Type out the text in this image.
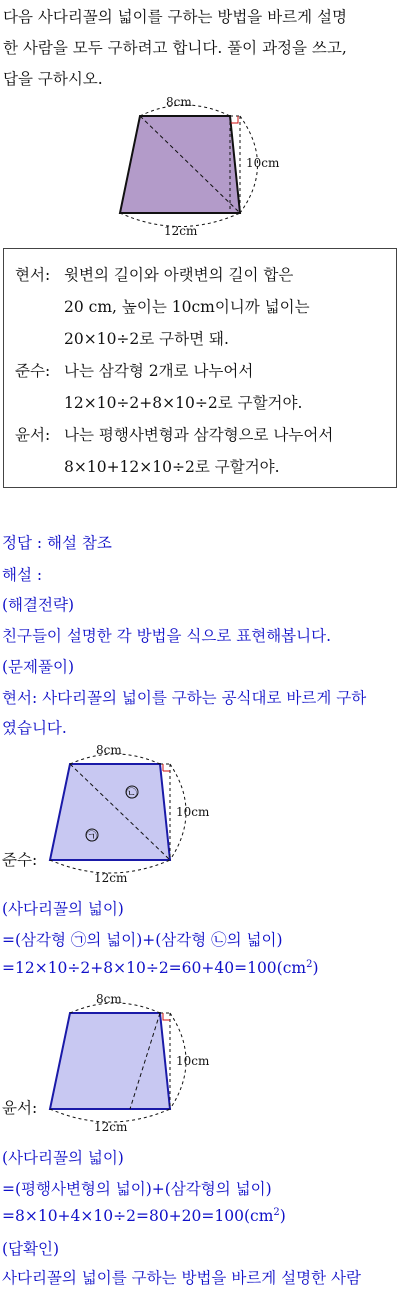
다음 사다리꼴의 넓이를 구하는 방법을 바르게 설명
한 사람을 모두 구하려고 합니다. 풀이 과정을 쓰고,
답을 구하시오.
8cm
10cm
12cm
현서: 윗변의 길이와 아랫변의 길이 합은
20 cm, 높이는 10cm이니까 넓이는
20×10÷2로 구하면 돼.
준수: 나는 삼각형 2개로 나누어서
12×10÷2+8×10÷2로 구할거야.
윤서: 나는 평행사변형과 삼각형으로 나누어서
8×10+12×10÷2로 구할거야.
정답 : 해설 참조
해설 :
(해결전략)
친구들이 설명한 각 방법을 식으로 표현해봅니다.
(문제풀이)
현서: 사다리꼴의 넓이를 구하는 공식대로 바르게 구하
였습니다.
㉡
㉠
8cm
10cm
12cm
준수:
(사다리꼴의 넓이)
=(삼각형 ㉠의 넓이)+(삼각형 ㉡의 넓이)
$=12\times 10\div 2+8\times 10\div 2=60+40=100(cm^2)$
8cm
10cm
12cm
윤서:
(사다리꼴의 넓이)
=(평행사변형의 넓이)+(삼각형의 넓이)
$=8\times 10+4\times 10\div 2=80+20=100(cm^2)$
(답확인)
사다리꼴의 넓이를 구하는 방법을 바르게 설명한 사람
